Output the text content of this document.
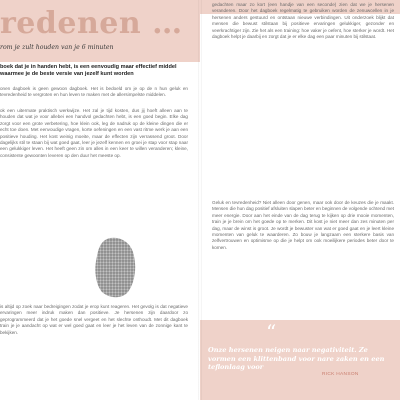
redenen …

rom je zult houden van je 6 minuten

boek dat je in handen hebt, is een eenvoudig maar effectief middel waarmee je de beste versie van jezelf kunt worden

onen dagboek is geen gewoon dagboek. Het is bedoeld om je op de n hun geluk en tevredenheid te vergroten en hun leven te maken met de allersimpelste middelen.

ok een uitermate praktisch werkwijze. Het zal je tijd kosten, dus jij hoeft alleen aan te houden dat wat je voor allebei een handvol gedachten hebt, is een goed begin. Elke dag zorgt voor een grote verbetering, hoe klein ook, leg de nadruk op de kleine dingen die er echt toe doen. Met eenvoudige vragen, korte oefeningen en een vast ritme werk je aan een positieve houding. Het kost weinig moeite, maar de effecten zijn verrassend groot. Door dagelijks stil te staan bij wat goed gaat, leer je jezelf kennen en groei je stap voor stap naar een gelukkiger leven. Het heeft geen zin om alles in een keer te willen veranderen; kleine, consistente gewoonten leveren op den duur het meeste op.

is altijd op zoek naar bedreigingen zodat je erop kunt reageren. Het gevolg is dat negatieve ervaringen meer indruk maken dan positieve. Je hersenen zijn daardoor zo geprogrammeerd dat je het goede snel vergeet en het slechte onthoudt. Met dit dagboek train je je aandacht op wat er wel goed gaat en leer je het leven van de zonnige kant te bekijken.

gedachten maar zo kort (een handje van een seconde) zien dat we je hersenen veranderen. Door het dagboek regelmatig te gebruiken worden de zenuwcellen in je hersenen anders gestuurd en ontstaan nieuwe verbindingen. Uit onderzoek blijkt dat mensen die bewust stilstaan bij positieve ervaringen gelukkiger, gezonder en veerkrachtiger zijn. Zie het als een training: hoe vaker je oefent, hoe sterker je wordt. Het dagboek helpt je daarbij en zorgt dat je er elke dag een paar minuten bij stilstaat.

Geluk en tevredenheid? Niet alleen door genen, maar ook door de keuzes die je maakt. Mensen die hun dag positief afsluiten slapen beter en beginnen de volgende ochtend met meer energie. Door aan het einde van de dag terug te kijken op drie mooie momenten, train je je brein om het goede op te merken. Dit kost je niet meer dan zes minuten per dag, maar de winst is groot. Je wordt je bewuster van wat er goed gaat en je leert kleine momenten van geluk te waarderen. Zo bouw je langzaam een sterkere basis van zelfvertrouwen en optimisme op die je helpt om ook moeilijkere periodes beter door te komen.

“

Onze hersenen neigen naar negativiteit. Ze vormen een klittenband voor nare zaken en een teflonlaag voor

RICK HANSON
